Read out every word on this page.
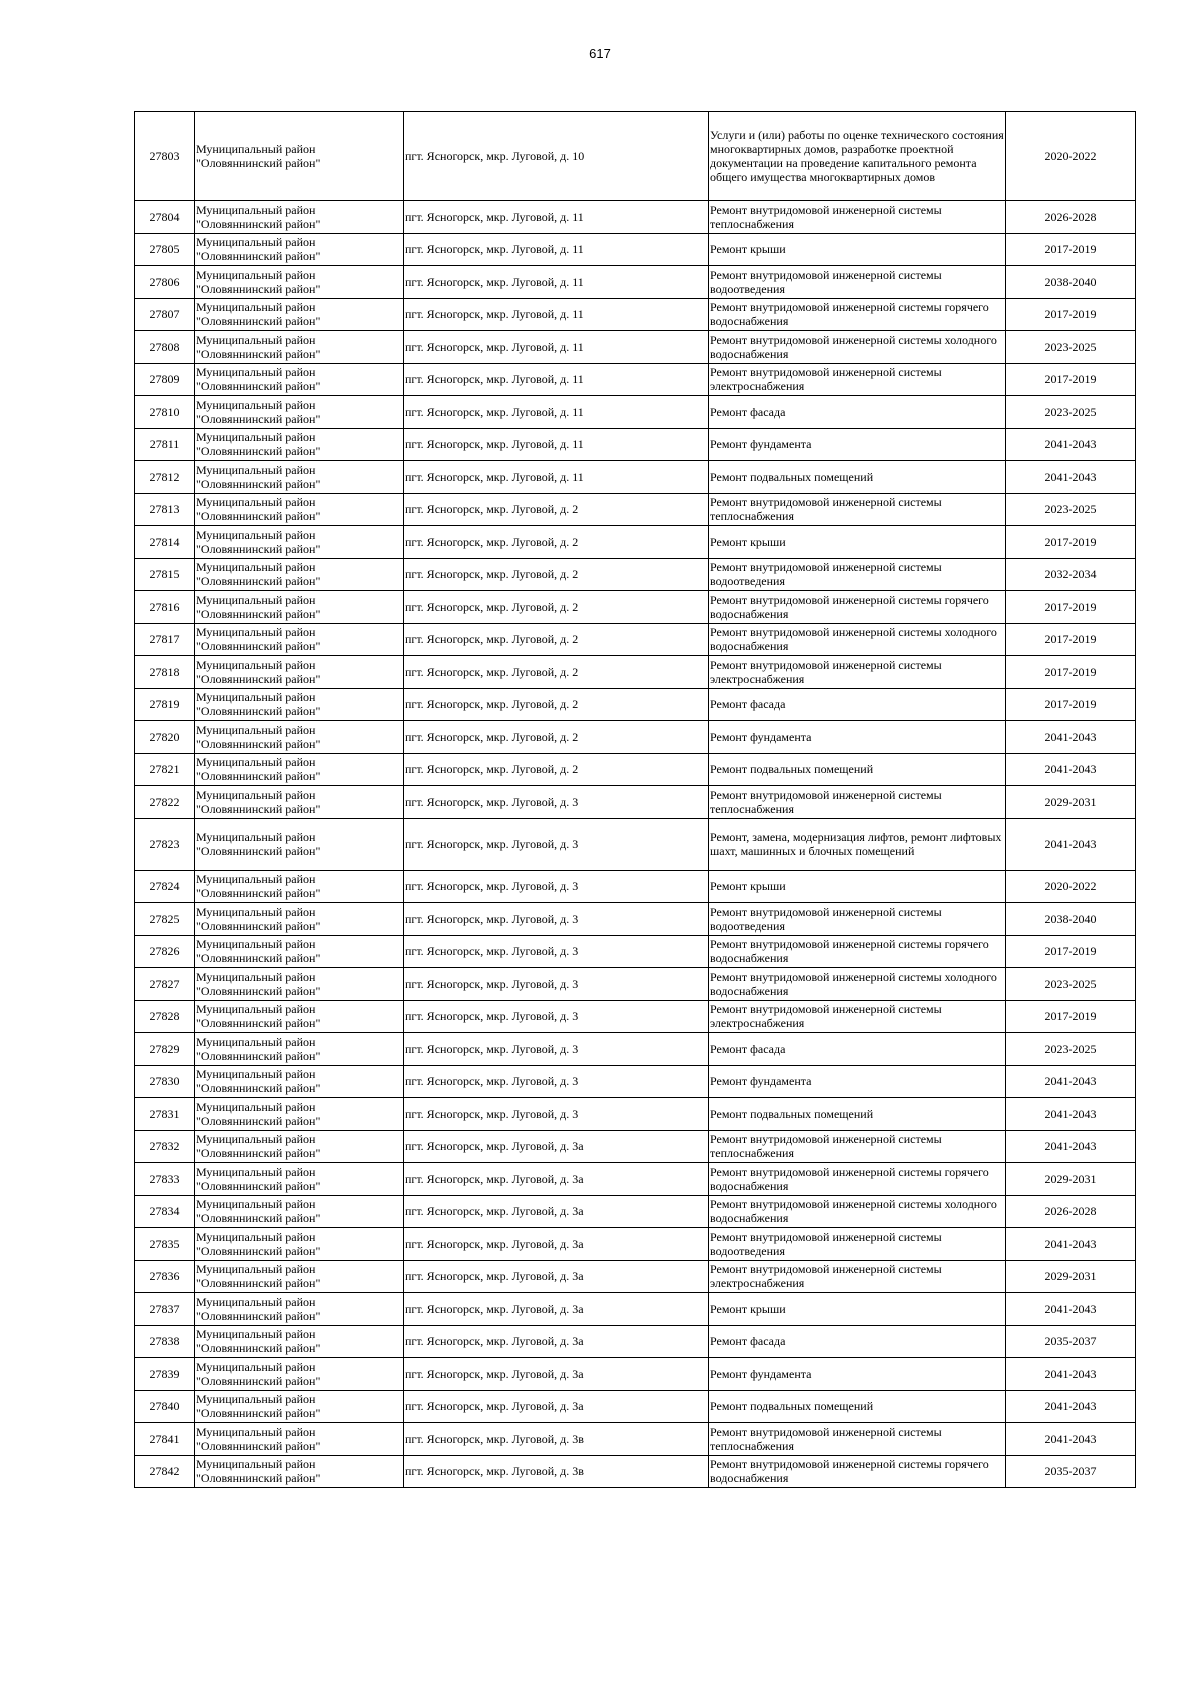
617
27803	Муниципальный район "Оловяннинский район"	пгт. Ясногорск, мкр. Луговой, д. 10	Услуги и (или) работы по оценке технического состояния многоквартирных домов, разработке проектной документации на проведение капитального ремонта общего имущества многоквартирных домов	2020-2022
27804	Муниципальный район "Оловяннинский район"	пгт. Ясногорск, мкр. Луговой, д. 11	Ремонт внутридомовой инженерной системы теплоснабжения	2026-2028
27805	Муниципальный район "Оловяннинский район"	пгт. Ясногорск, мкр. Луговой, д. 11	Ремонт крыши	2017-2019
27806	Муниципальный район "Оловяннинский район"	пгт. Ясногорск, мкр. Луговой, д. 11	Ремонт внутридомовой инженерной системы водоотведения	2038-2040
27807	Муниципальный район "Оловяннинский район"	пгт. Ясногорск, мкр. Луговой, д. 11	Ремонт внутридомовой инженерной системы горячего водоснабжения	2017-2019
27808	Муниципальный район "Оловяннинский район"	пгт. Ясногорск, мкр. Луговой, д. 11	Ремонт внутридомовой инженерной системы холодного водоснабжения	2023-2025
27809	Муниципальный район "Оловяннинский район"	пгт. Ясногорск, мкр. Луговой, д. 11	Ремонт внутридомовой инженерной системы электроснабжения	2017-2019
27810	Муниципальный район "Оловяннинский район"	пгт. Ясногорск, мкр. Луговой, д. 11	Ремонт фасада	2023-2025
27811	Муниципальный район "Оловяннинский район"	пгт. Ясногорск, мкр. Луговой, д. 11	Ремонт фундамента	2041-2043
27812	Муниципальный район "Оловяннинский район"	пгт. Ясногорск, мкр. Луговой, д. 11	Ремонт подвальных помещений	2041-2043
27813	Муниципальный район "Оловяннинский район"	пгт. Ясногорск, мкр. Луговой, д. 2	Ремонт внутридомовой инженерной системы теплоснабжения	2023-2025
27814	Муниципальный район "Оловяннинский район"	пгт. Ясногорск, мкр. Луговой, д. 2	Ремонт крыши	2017-2019
27815	Муниципальный район "Оловяннинский район"	пгт. Ясногорск, мкр. Луговой, д. 2	Ремонт внутридомовой инженерной системы водоотведения	2032-2034
27816	Муниципальный район "Оловяннинский район"	пгт. Ясногорск, мкр. Луговой, д. 2	Ремонт внутридомовой инженерной системы горячего водоснабжения	2017-2019
27817	Муниципальный район "Оловяннинский район"	пгт. Ясногорск, мкр. Луговой, д. 2	Ремонт внутридомовой инженерной системы холодного водоснабжения	2017-2019
27818	Муниципальный район "Оловяннинский район"	пгт. Ясногорск, мкр. Луговой, д. 2	Ремонт внутридомовой инженерной системы электроснабжения	2017-2019
27819	Муниципальный район "Оловяннинский район"	пгт. Ясногорск, мкр. Луговой, д. 2	Ремонт фасада	2017-2019
27820	Муниципальный район "Оловяннинский район"	пгт. Ясногорск, мкр. Луговой, д. 2	Ремонт фундамента	2041-2043
27821	Муниципальный район "Оловяннинский район"	пгт. Ясногорск, мкр. Луговой, д. 2	Ремонт подвальных помещений	2041-2043
27822	Муниципальный район "Оловяннинский район"	пгт. Ясногорск, мкр. Луговой, д. 3	Ремонт внутридомовой инженерной системы теплоснабжения	2029-2031
27823	Муниципальный район "Оловяннинский район"	пгт. Ясногорск, мкр. Луговой, д. 3	Ремонт, замена, модернизация лифтов, ремонт лифтовых шахт, машинных и блочных помещений	2041-2043
27824	Муниципальный район "Оловяннинский район"	пгт. Ясногорск, мкр. Луговой, д. 3	Ремонт крыши	2020-2022
27825	Муниципальный район "Оловяннинский район"	пгт. Ясногорск, мкр. Луговой, д. 3	Ремонт внутридомовой инженерной системы водоотведения	2038-2040
27826	Муниципальный район "Оловяннинский район"	пгт. Ясногорск, мкр. Луговой, д. 3	Ремонт внутридомовой инженерной системы горячего водоснабжения	2017-2019
27827	Муниципальный район "Оловяннинский район"	пгт. Ясногорск, мкр. Луговой, д. 3	Ремонт внутридомовой инженерной системы холодного водоснабжения	2023-2025
27828	Муниципальный район "Оловяннинский район"	пгт. Ясногорск, мкр. Луговой, д. 3	Ремонт внутридомовой инженерной системы электроснабжения	2017-2019
27829	Муниципальный район "Оловяннинский район"	пгт. Ясногорск, мкр. Луговой, д. 3	Ремонт фасада	2023-2025
27830	Муниципальный район "Оловяннинский район"	пгт. Ясногорск, мкр. Луговой, д. 3	Ремонт фундамента	2041-2043
27831	Муниципальный район "Оловяннинский район"	пгт. Ясногорск, мкр. Луговой, д. 3	Ремонт подвальных помещений	2041-2043
27832	Муниципальный район "Оловяннинский район"	пгт. Ясногорск, мкр. Луговой, д. 3а	Ремонт внутридомовой инженерной системы теплоснабжения	2041-2043
27833	Муниципальный район "Оловяннинский район"	пгт. Ясногорск, мкр. Луговой, д. 3а	Ремонт внутридомовой инженерной системы горячего водоснабжения	2029-2031
27834	Муниципальный район "Оловяннинский район"	пгт. Ясногорск, мкр. Луговой, д. 3а	Ремонт внутридомовой инженерной системы холодного водоснабжения	2026-2028
27835	Муниципальный район "Оловяннинский район"	пгт. Ясногорск, мкр. Луговой, д. 3а	Ремонт внутридомовой инженерной системы водоотведения	2041-2043
27836	Муниципальный район "Оловяннинский район"	пгт. Ясногорск, мкр. Луговой, д. 3а	Ремонт внутридомовой инженерной системы электроснабжения	2029-2031
27837	Муниципальный район "Оловяннинский район"	пгт. Ясногорск, мкр. Луговой, д. 3а	Ремонт крыши	2041-2043
27838	Муниципальный район "Оловяннинский район"	пгт. Ясногорск, мкр. Луговой, д. 3а	Ремонт фасада	2035-2037
27839	Муниципальный район "Оловяннинский район"	пгт. Ясногорск, мкр. Луговой, д. 3а	Ремонт фундамента	2041-2043
27840	Муниципальный район "Оловяннинский район"	пгт. Ясногорск, мкр. Луговой, д. 3а	Ремонт подвальных помещений	2041-2043
27841	Муниципальный район "Оловяннинский район"	пгт. Ясногорск, мкр. Луговой, д. 3в	Ремонт внутридомовой инженерной системы теплоснабжения	2041-2043
27842	Муниципальный район "Оловяннинский район"	пгт. Ясногорск, мкр. Луговой, д. 3в	Ремонт внутридомовой инженерной системы горячего водоснабжения	2035-2037
